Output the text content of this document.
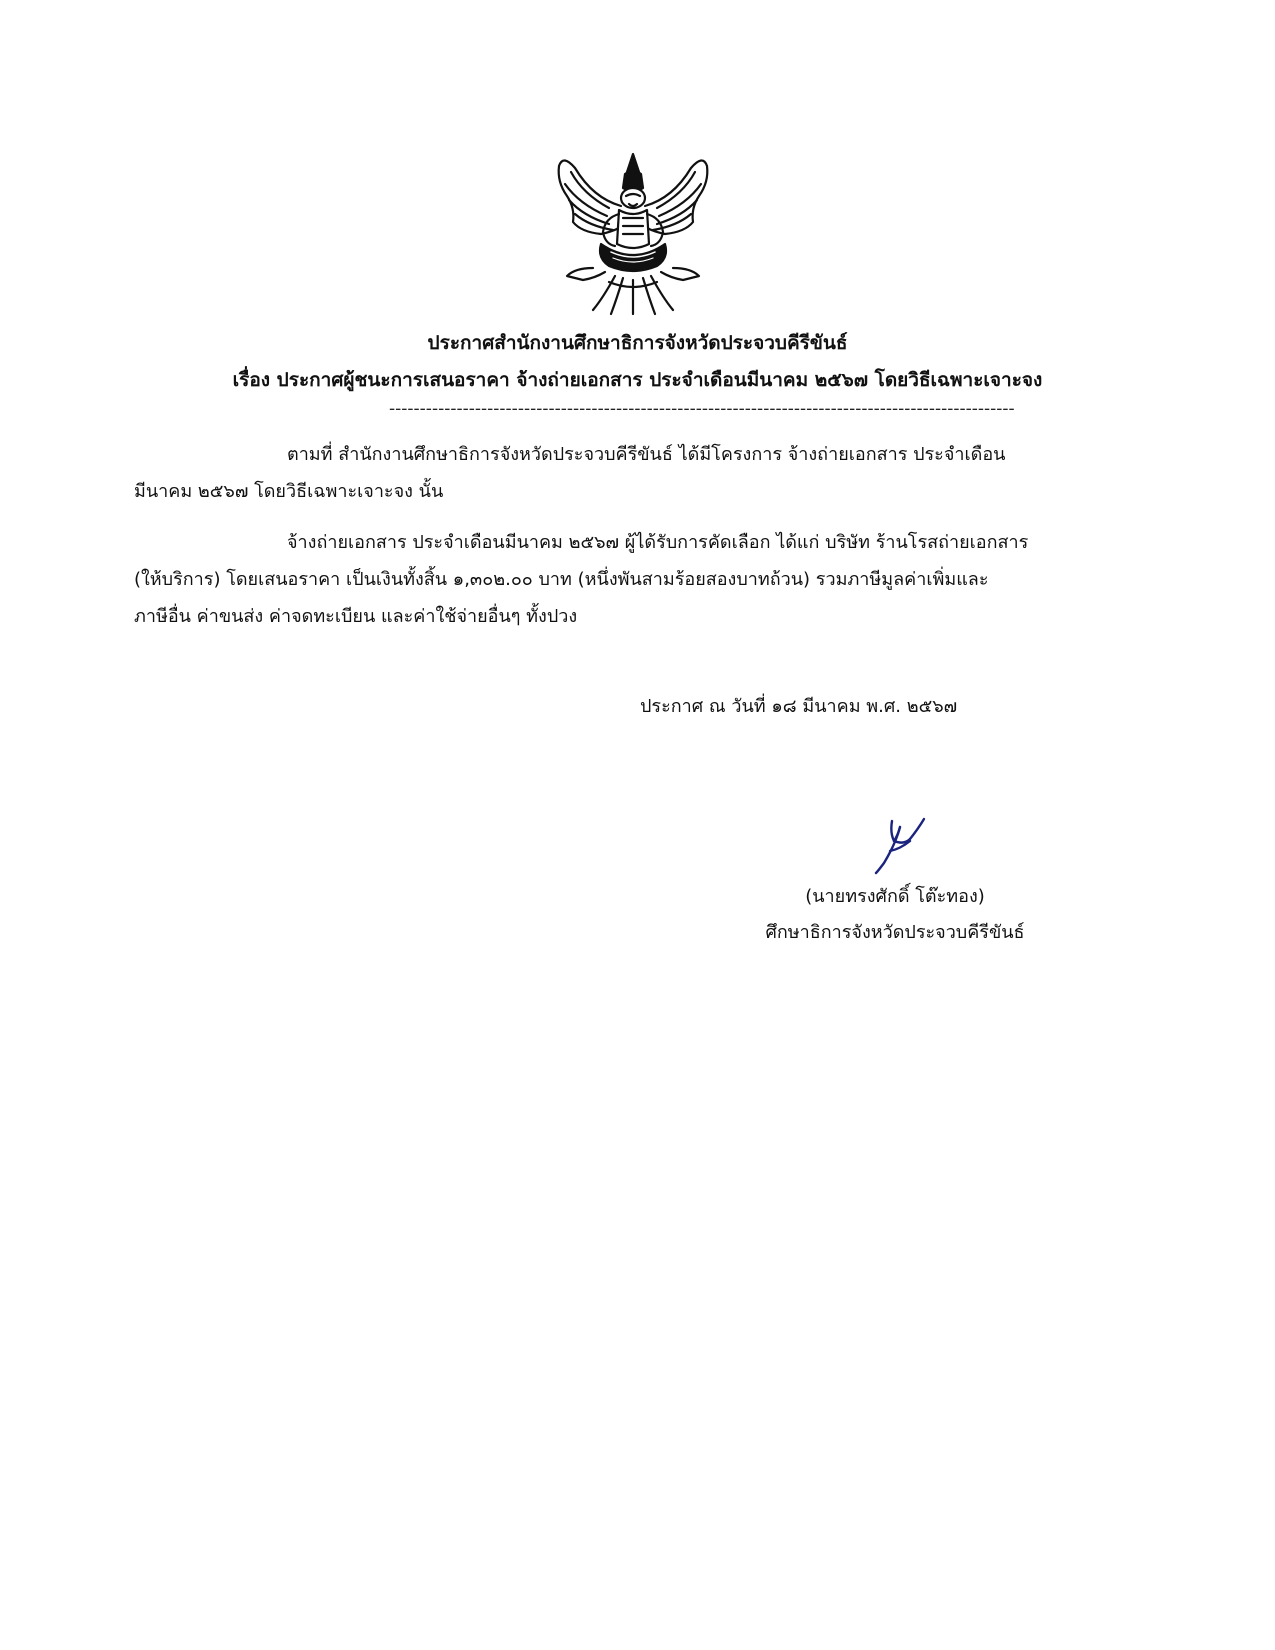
ประกาศสำนักงานศึกษาธิการจังหวัดประจวบคีรีขันธ์
เรื่อง ประกาศผู้ชนะการเสนอราคา จ้างถ่ายเอกสาร ประจำเดือนมีนาคม ๒๕๖๗ โดยวิธีเฉพาะเจาะจง
------------------------------------------------------------------------------------------------------
ตามที่ สำนักงานศึกษาธิการจังหวัดประจวบคีรีขันธ์ ได้มีโครงการ จ้างถ่ายเอกสาร ประจำเดือน
มีนาคม ๒๕๖๗ โดยวิธีเฉพาะเจาะจง นั้น
จ้างถ่ายเอกสาร ประจำเดือนมีนาคม ๒๕๖๗ ผู้ได้รับการคัดเลือก ได้แก่ บริษัท ร้านโรสถ่ายเอกสาร
(ให้บริการ) โดยเสนอราคา เป็นเงินทั้งสิ้น ๑,๓๐๒.๐๐ บาท (หนึ่งพันสามร้อยสองบาทถ้วน) รวมภาษีมูลค่าเพิ่มและ
ภาษีอื่น ค่าขนส่ง ค่าจดทะเบียน และค่าใช้จ่ายอื่นๆ ทั้งปวง
ประกาศ ณ วันที่ ๑๘ มีนาคม พ.ศ. ๒๕๖๗
(นายทรงศักดิ์ โต๊ะทอง)
ศึกษาธิการจังหวัดประจวบคีรีขันธ์
